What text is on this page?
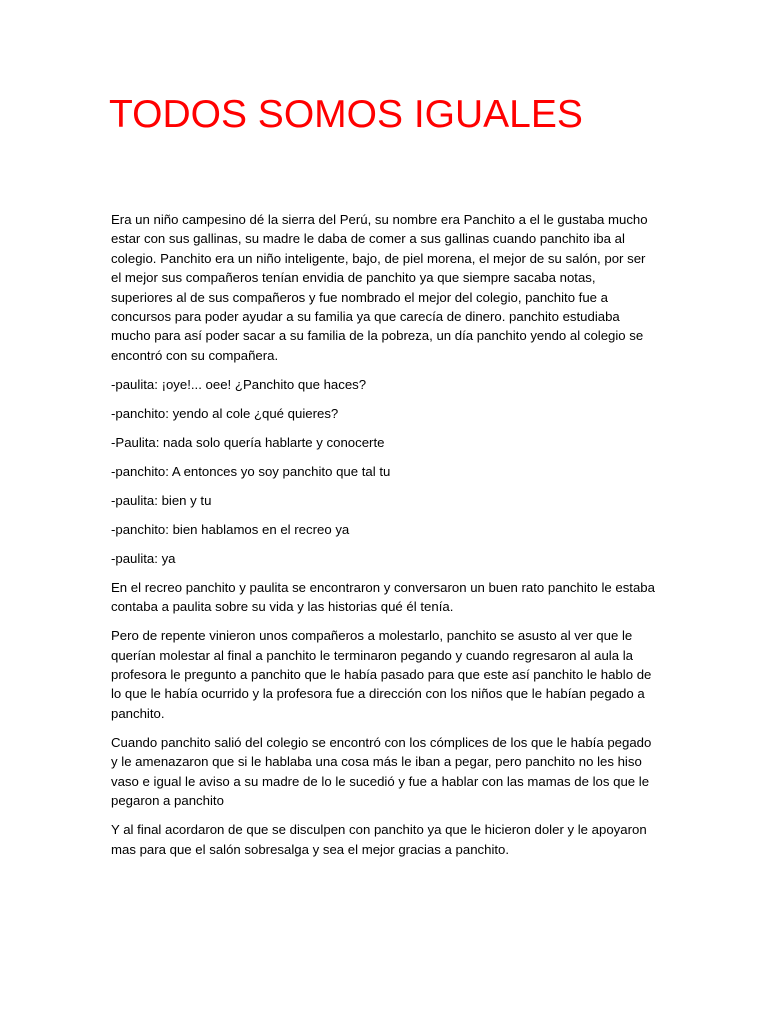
TODOS SOMOS IGUALES

Era un niño campesino dé la sierra del Perú, su nombre era Panchito a el le gustaba mucho estar con sus gallinas, su madre le daba de comer a sus gallinas cuando panchito iba al colegio. Panchito era un niño inteligente, bajo, de piel morena, el mejor de su salón, por ser el mejor sus compañeros tenían envidia de panchito ya que siempre sacaba notas, superiores al de sus compañeros y fue nombrado el mejor del colegio, panchito fue a concursos para poder ayudar a su familia ya que carecía de dinero. panchito estudiaba mucho para así poder sacar a su familia de la pobreza, un día panchito yendo al colegio se encontró con su compañera.

-paulita: ¡oye!... oee! ¿Panchito que haces?

-panchito: yendo al cole ¿qué quieres?

-Paulita: nada solo quería hablarte y conocerte

-panchito: A entonces yo soy panchito que tal tu

-paulita: bien y tu

-panchito: bien hablamos en el recreo ya

-paulita: ya

En el recreo panchito y paulita se encontraron y conversaron un buen rato panchito le estaba contaba a paulita sobre su vida y las historias qué él tenía.

Pero de repente vinieron unos compañeros a molestarlo, panchito se asusto al ver que le querían molestar al final a panchito le terminaron pegando y cuando regresaron al aula la profesora le pregunto a panchito que le había pasado para que este así panchito le hablo de lo que le había ocurrido y la profesora fue a dirección con los niños que le habían pegado a panchito.

Cuando panchito salió del colegio se encontró con los cómplices de los que le había pegado y le amenazaron que si le hablaba una cosa más le iban a pegar, pero panchito no les hiso vaso e igual le aviso a su madre de lo le sucedió y fue a hablar con las mamas de los que le pegaron a panchito

Y al final acordaron de que se disculpen con panchito ya que le hicieron doler y le apoyaron mas para que el salón sobresalga y sea el mejor gracias a panchito.
